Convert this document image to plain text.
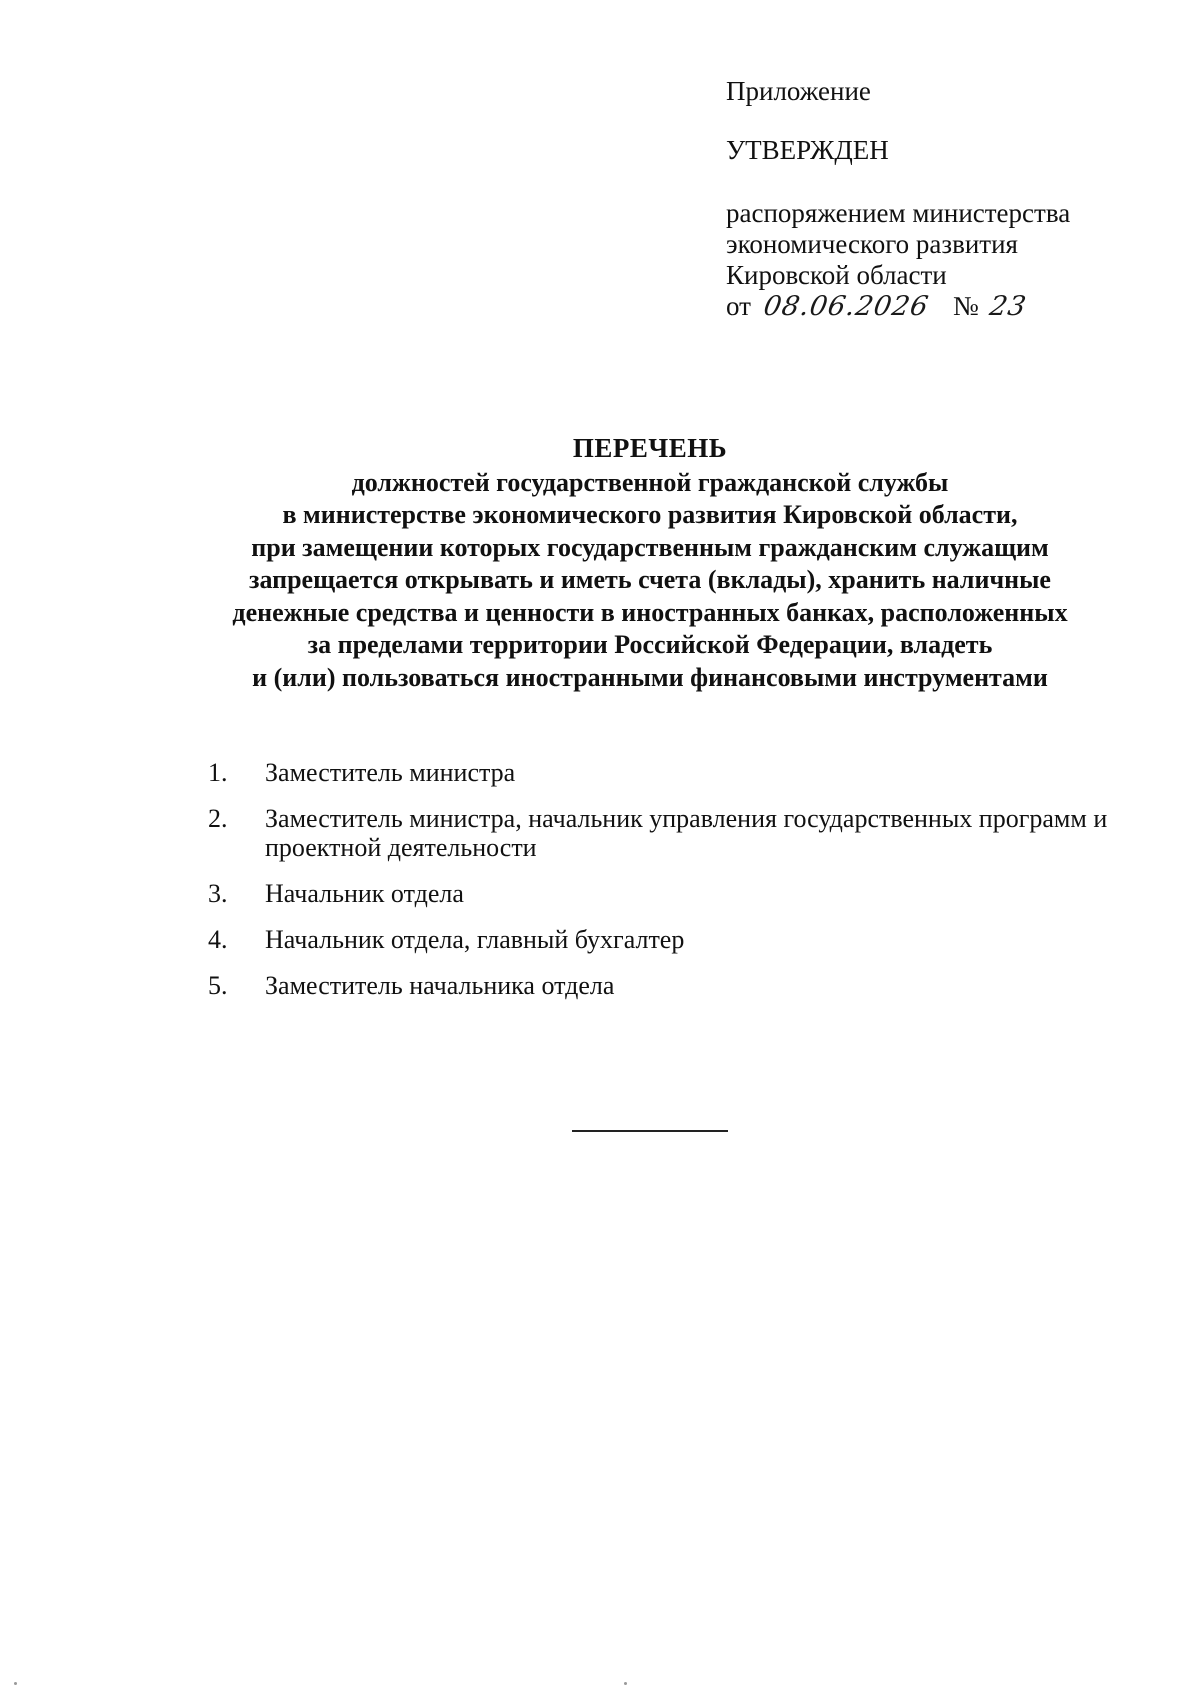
Приложение
УТВЕРЖДЕН
распоряжением министерства
экономического развития
Кировской области
от 08.06.2026 № 23
ПЕРЕЧЕНЬ
должностей государственной гражданской службы
в министерстве экономического развития Кировской области,
при замещении которых государственным гражданским служащим
запрещается открывать и иметь счета (вклады), хранить наличные
денежные средства и ценности в иностранных банках, расположенных
за пределами территории Российской Федерации, владеть
и (или) пользоваться иностранными финансовыми инструментами
1.	Заместитель министра
2.	Заместитель министра, начальник управления государственных программ и проектной деятельности
3.	Начальник отдела
4.	Начальник отдела, главный бухгалтер
5.	Заместитель начальника отдела
